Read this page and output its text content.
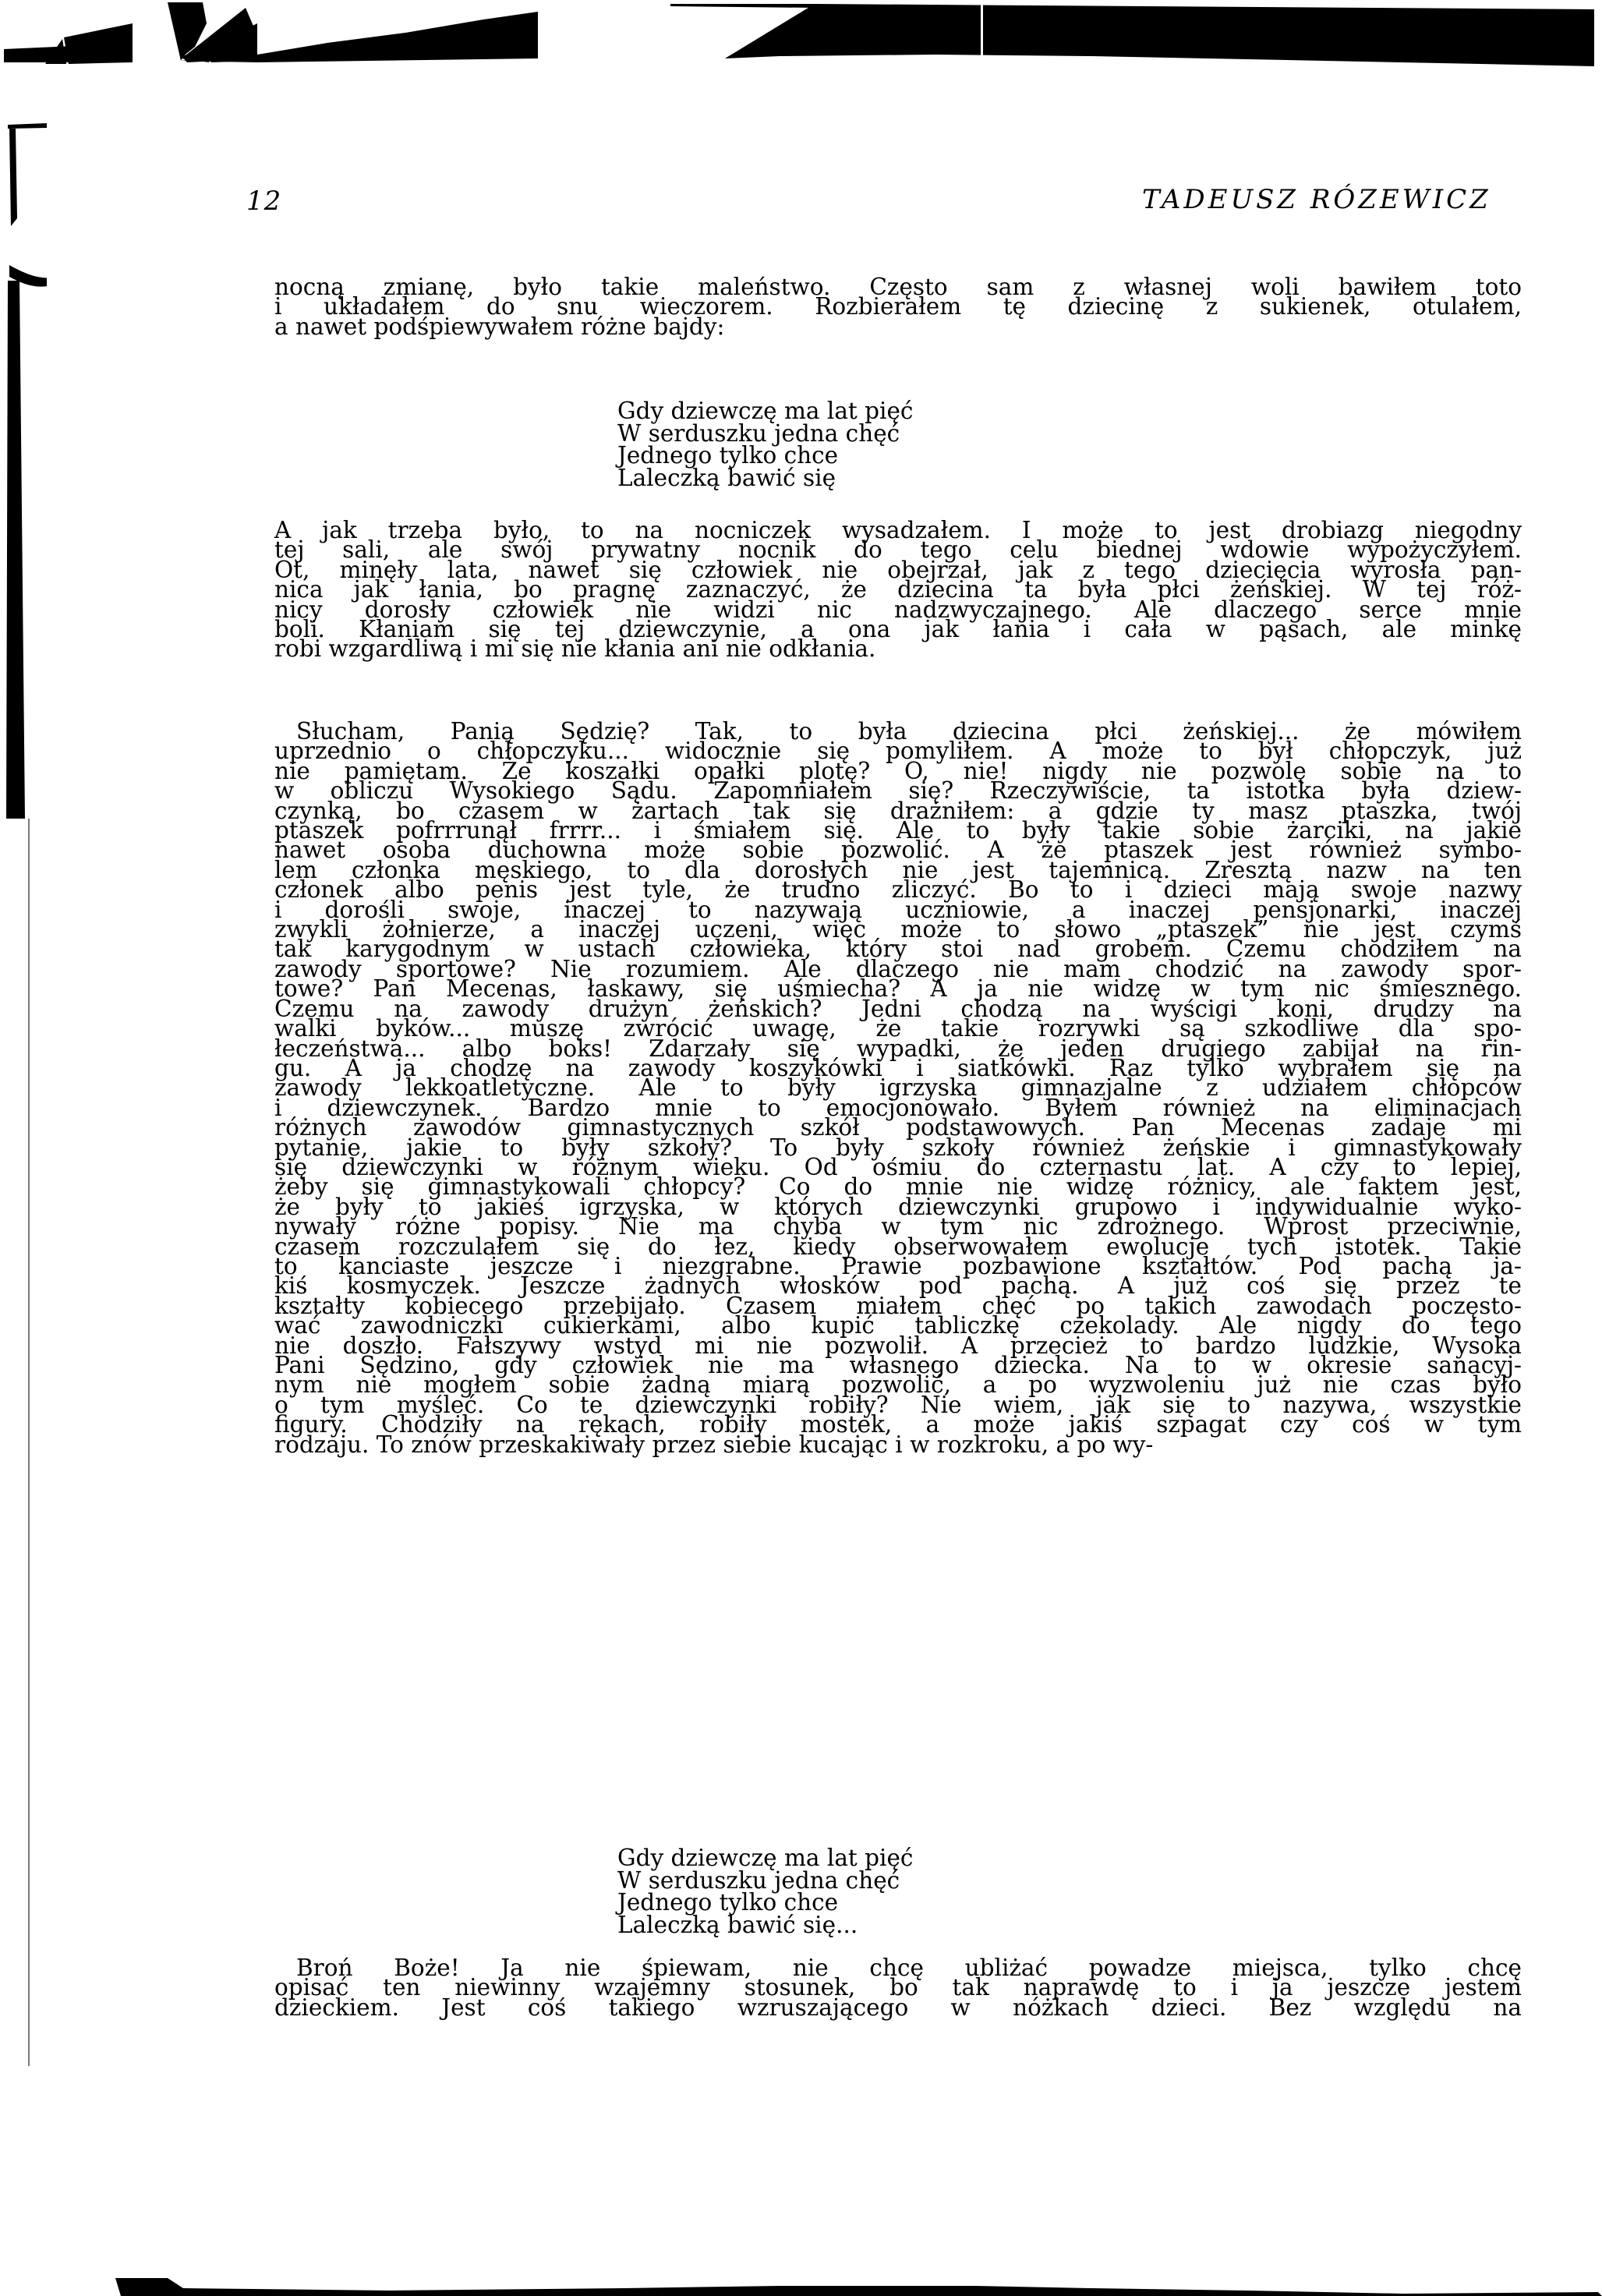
12	TADEUSZ RÓZEWICZ
nocną zmianę, było takie maleństwo. Często sam z własnej woli bawiłem toto
i układałem do snu wieczorem. Rozbierałem tę dziecinę z sukienek, otulałem,
a nawet podśpiewywałem różne bajdy:
Gdy dziewczę ma lat pięć
W serduszku jedna chęć
Jednego tylko chce
Laleczką bawić się
A jak trzeba było, to na nocniczek wysadzałem. I może to jest drobiazg niegodny
tej sali, ale swój prywatny nocnik do tego celu biednej wdowie wypożyczyłem.
Ot, minęły lata, nawet się człowiek nie obejrzał, jak z tego dziecięcia wyrosła pan-
nica jak łania, bo pragnę zaznaczyć, że dziecina ta była płci żeńskiej. W tej róż-
nicy dorosły człowiek nie widzi nic nadzwyczajnego. Ale dlaczego serce mnie
boli. Kłaniam się tej dziewczynie, a ona jak łania i cała w pąsach, ale minkę
robi wzgardliwą i mi się nie kłania ani nie odkłania.
Słucham, Panią Sędzię? Tak, to była dziecina płci żeńskiej... że mówiłem
uprzednio o chłopczyku... widocznie się pomyliłem. A może to był chłopczyk, już
nie pamiętam. Że koszałki opałki plotę? O, nie! nigdy nie pozwolę sobie na to
w obliczu Wysokiego Sądu. Zapomniałem się? Rzeczywiście, ta istotka była dziew-
czynką, bo czasem w żartach tak się drażniłem: a gdzie ty masz ptaszka, twój
ptaszek pofrrrunął frrrr... i śmiałem się. Ale to były takie sobie żarciki, na jakie
nawet osoba duchowna może sobie pozwolić. A że ptaszek jest również symbo-
lem członka męskiego, to dla dorosłych nie jest tajemnicą. Zresztą nazw na ten
członek albo penis jest tyle, że trudno zliczyć. Bo to i dzieci mają swoje nazwy
i dorośli swoje, inaczej to nazywają uczniowie, a inaczej pensjonarki, inaczej
zwykli żołnierze, a inaczej uczeni, więc może to słowo „ptaszek” nie jest czymś
tak karygodnym w ustach człowieka, który stoi nad grobem. Czemu chodziłem na
zawody sportowe? Nie rozumiem. Ale dlaczego nie mam chodzić na zawody spor-
towe? Pan Mecenas, łaskawy, się uśmiecha? A ja nie widzę w tym nic śmiesznego.
Czemu na zawody drużyn żeńskich? Jedni chodzą na wyścigi koni, drudzy na
walki byków... muszę zwrócić uwagę, że takie rozrywki są szkodliwe dla spo-
łeczeństwa... albo boks! Zdarzały się wypadki, że jeden drugiego zabijał na rin-
gu. A ja chodzę na zawody koszykówki i siatkówki. Raz tylko wybrałem się na
zawody lekkoatletyczne. Ale to były igrzyska gimnazjalne z udziałem chłopców
i dziewczynek. Bardzo mnie to emocjonowało. Byłem również na eliminacjach
różnych zawodów gimnastycznych szkół podstawowych. Pan Mecenas zadaje mi
pytanie, jakie to były szkoły? To były szkoły również żeńskie i gimnastykowały
się dziewczynki w różnym wieku. Od ośmiu do czternastu lat. A czy to lepiej,
żeby się gimnastykowali chłopcy? Co do mnie nie widzę różnicy, ale faktem jest,
że były to jakieś igrzyska, w których dziewczynki grupowo i indywidualnie wyko-
nywały różne popisy. Nie ma chyba w tym nic zdrożnego. Wprost przeciwnie,
czasem rozczulałem się do łez, kiedy obserwowałem ewolucje tych istotek. Takie
to kanciaste jeszcze i niezgrabne. Prawie pozbawione kształtów. Pod pachą ja-
kiś kosmyczek. Jeszcze żadnych włosków pod pachą. A już coś się przez te
kształty kobiecego przebijało. Czasem miałem chęć po takich zawodach poczęsto-
wać zawodniczki cukierkami, albo kupić tabliczkę czekolady. Ale nigdy do tego
nie doszło. Fałszywy wstyd mi nie pozwolił. A przecież to bardzo ludzkie, Wysoka
Pani Sędzino, gdy człowiek nie ma własnego dziecka. Na to w okresie sanacyj-
nym nie mogłem sobie żadną miarą pozwolić, a po wyzwoleniu już nie czas było
o tym myśleć. Co te dziewczynki robiły? Nie wiem, jak się to nazywa, wszystkie
figury. Chodziły na rękach, robiły mostek, a może jakiś szpagat czy coś w tym
rodzaju. To znów przeskakiwały przez siebie kucając i w rozkroku, a po wy-
Gdy dziewczę ma lat pięć
W serduszku jedna chęć
Jednego tylko chce
Laleczką bawić się...
Broń Boże! Ja nie śpiewam, nie chcę ubliżać powadze miejsca, tylko chcę
opisać ten niewinny wzajemny stosunek, bo tak naprawdę to i ja jeszcze jestem
dzieckiem. Jest coś takiego wzruszającego w nóżkach dzieci. Bez względu na
